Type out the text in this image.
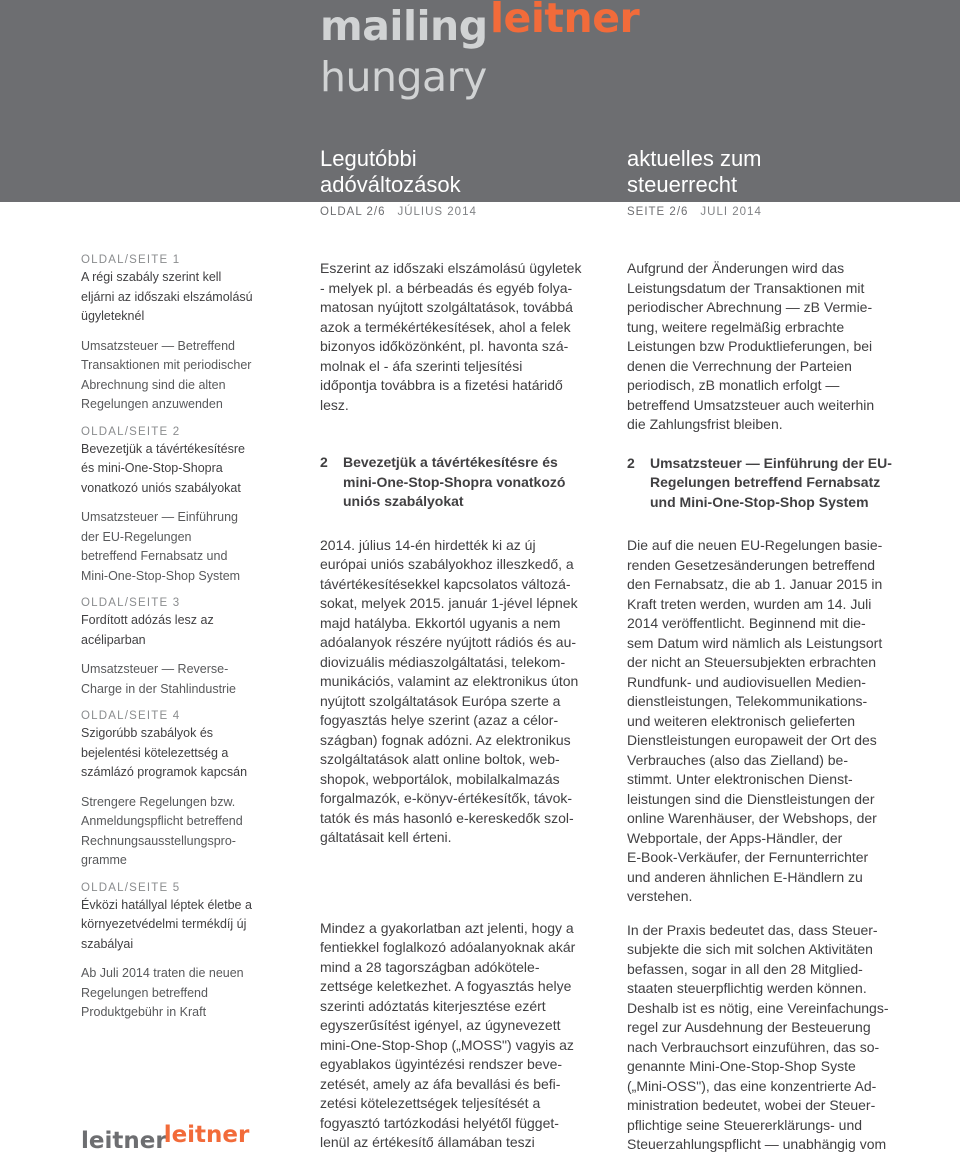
mailing leitner
hungary
Legutóbbi
adóváltozások
aktuelles zum
steuerrecht
OLDAL 2/6 JÚLIUS 2014	SEITE 2/6 JULI 2014
OLDAL/SEITE 1
A régi szabály szerint kell
eljárni az időszaki elszámolású
ügyleteknél
Umsatzsteuer — Betreffend
Transaktionen mit periodischer
Abrechnung sind die alten
Regelungen anzuwenden
OLDAL/SEITE 2
Bevezetjük a távértékesítésre
és mini-One-Stop-Shopra
vonatkozó uniós szabályokat
Umsatzsteuer — Einführung
der EU-Regelungen
betreffend Fernabsatz und
Mini-One-Stop-Shop System
OLDAL/SEITE 3
Fordított adózás lesz az
acéliparban
Umsatzsteuer — Reverse-
Charge in der Stahlindustrie
OLDAL/SEITE 4
Szigorúbb szabályok és
bejelentési kötelezettség a
számlázó programok kapcsán
Strengere Regelungen bzw.
Anmeldungspflicht betreffend
Rechnungsausstellungspro-
gramme
OLDAL/SEITE 5
Évközi hatállyal léptek életbe a
környezetvédelmi termékdíj új
szabályai
Ab Juli 2014 traten die neuen
Regelungen betreffend
Produktgebühr in Kraft

Eszerint az időszaki elszámolású ügyletek
- melyek pl. a bérbeadás és egyéb folya-
matosan nyújtott szolgáltatások, továbbá
azok a termékértékesítések, ahol a felek
bizonyos időközönként, pl. havonta szá-
molnak el - áfa szerinti teljesítési
időpontja továbbra is a fizetési határidő
lesz.

2	Bevezetjük a távértékesítésre és
mini-One-Stop-Shopra vonatkozó
uniós szabályokat

2014. július 14-én hirdették ki az új
európai uniós szabályokhoz illeszkedő, a
távértékesítésekkel kapcsolatos változá-
sokat, melyek 2015. január 1-jével lépnek
majd hatályba. Ekkortól ugyanis a nem
adóalanyok részére nyújtott rádiós és au-
diovizuális médiaszolgáltatási, telekom-
munikációs, valamint az elektronikus úton
nyújtott szolgáltatások Európa szerte a
fogyasztás helye szerint (azaz a célor-
szágban) fognak adózni. Az elektronikus
szolgáltatások alatt online boltok, web-
shopok, webportálok, mobilalkalmazás
forgalmazók, e-könyv-értékesítők, távok-
tatók és más hasonló e-kereskedők szol-
gáltatásait kell érteni.

Mindez a gyakorlatban azt jelenti, hogy a
fentiekkel foglalkozó adóalanyoknak akár
mind a 28 tagországban adókötele-
zettsége keletkezhet. A fogyasztás helye
szerinti adóztatás kiterjesztése ezért
egyszerűsítést igényel, az úgynevezett
mini-One-Stop-Shop („MOSS") vagyis az
egyablakos ügyintézési rendszer beve-
zetését, amely az áfa bevallási és befi-
zetési kötelezettségek teljesítését a
fogyasztó tartózkodási helyétől függet-
lenül az értékesítő államában teszi

Aufgrund der Änderungen wird das
Leistungsdatum der Transaktionen mit
periodischer Abrechnung — zB Vermie-
tung, weitere regelmäßig erbrachte
Leistungen bzw Produktlieferungen, bei
denen die Verrechnung der Parteien
periodisch, zB monatlich erfolgt —
betreffend Umsatzsteuer auch weiterhin
die Zahlungsfrist bleiben.

2	Umsatzsteuer — Einführung der EU-
Regelungen betreffend Fernabsatz
und Mini-One-Stop-Shop System

Die auf die neuen EU-Regelungen basie-
renden Gesetzesänderungen betreffend
den Fernabsatz, die ab 1. Januar 2015 in
Kraft treten werden, wurden am 14. Juli
2014 veröffentlicht. Beginnend mit die-
sem Datum wird nämlich als Leistungsort
der nicht an Steuersubjekten erbrachten
Rundfunk- und audiovisuellen Medien-
dienstleistungen, Telekommunikations-
und weiteren elektronisch gelieferten
Dienstleistungen europaweit der Ort des
Verbrauches (also das Zielland) be-
stimmt. Unter elektronischen Dienst-
leistungen sind die Dienstleistungen der
online Warenhäuser, der Webshops, der
Webportale, der Apps-Händler, der
E-Book-Verkäufer, der Fernunterrichter
und anderen ähnlichen E-Händlern zu
verstehen.

In der Praxis bedeutet das, dass Steuer-
subjekte die sich mit solchen Aktivitäten
befassen, sogar in all den 28 Mitglied-
staaten steuerpflichtig werden können.
Deshalb ist es nötig, eine Vereinfachungs-
regel zur Ausdehnung der Besteuerung
nach Verbrauchsort einzuführen, das so-
genannte Mini-One-Stop-Shop Syste
(„Mini-OSS"), das eine konzentrierte Ad-
ministration bedeutet, wobei der Steuer-
pflichtige seine Steuererklärungs- und
Steuerzahlungspflicht — unabhängig vom

leitnerleitner
